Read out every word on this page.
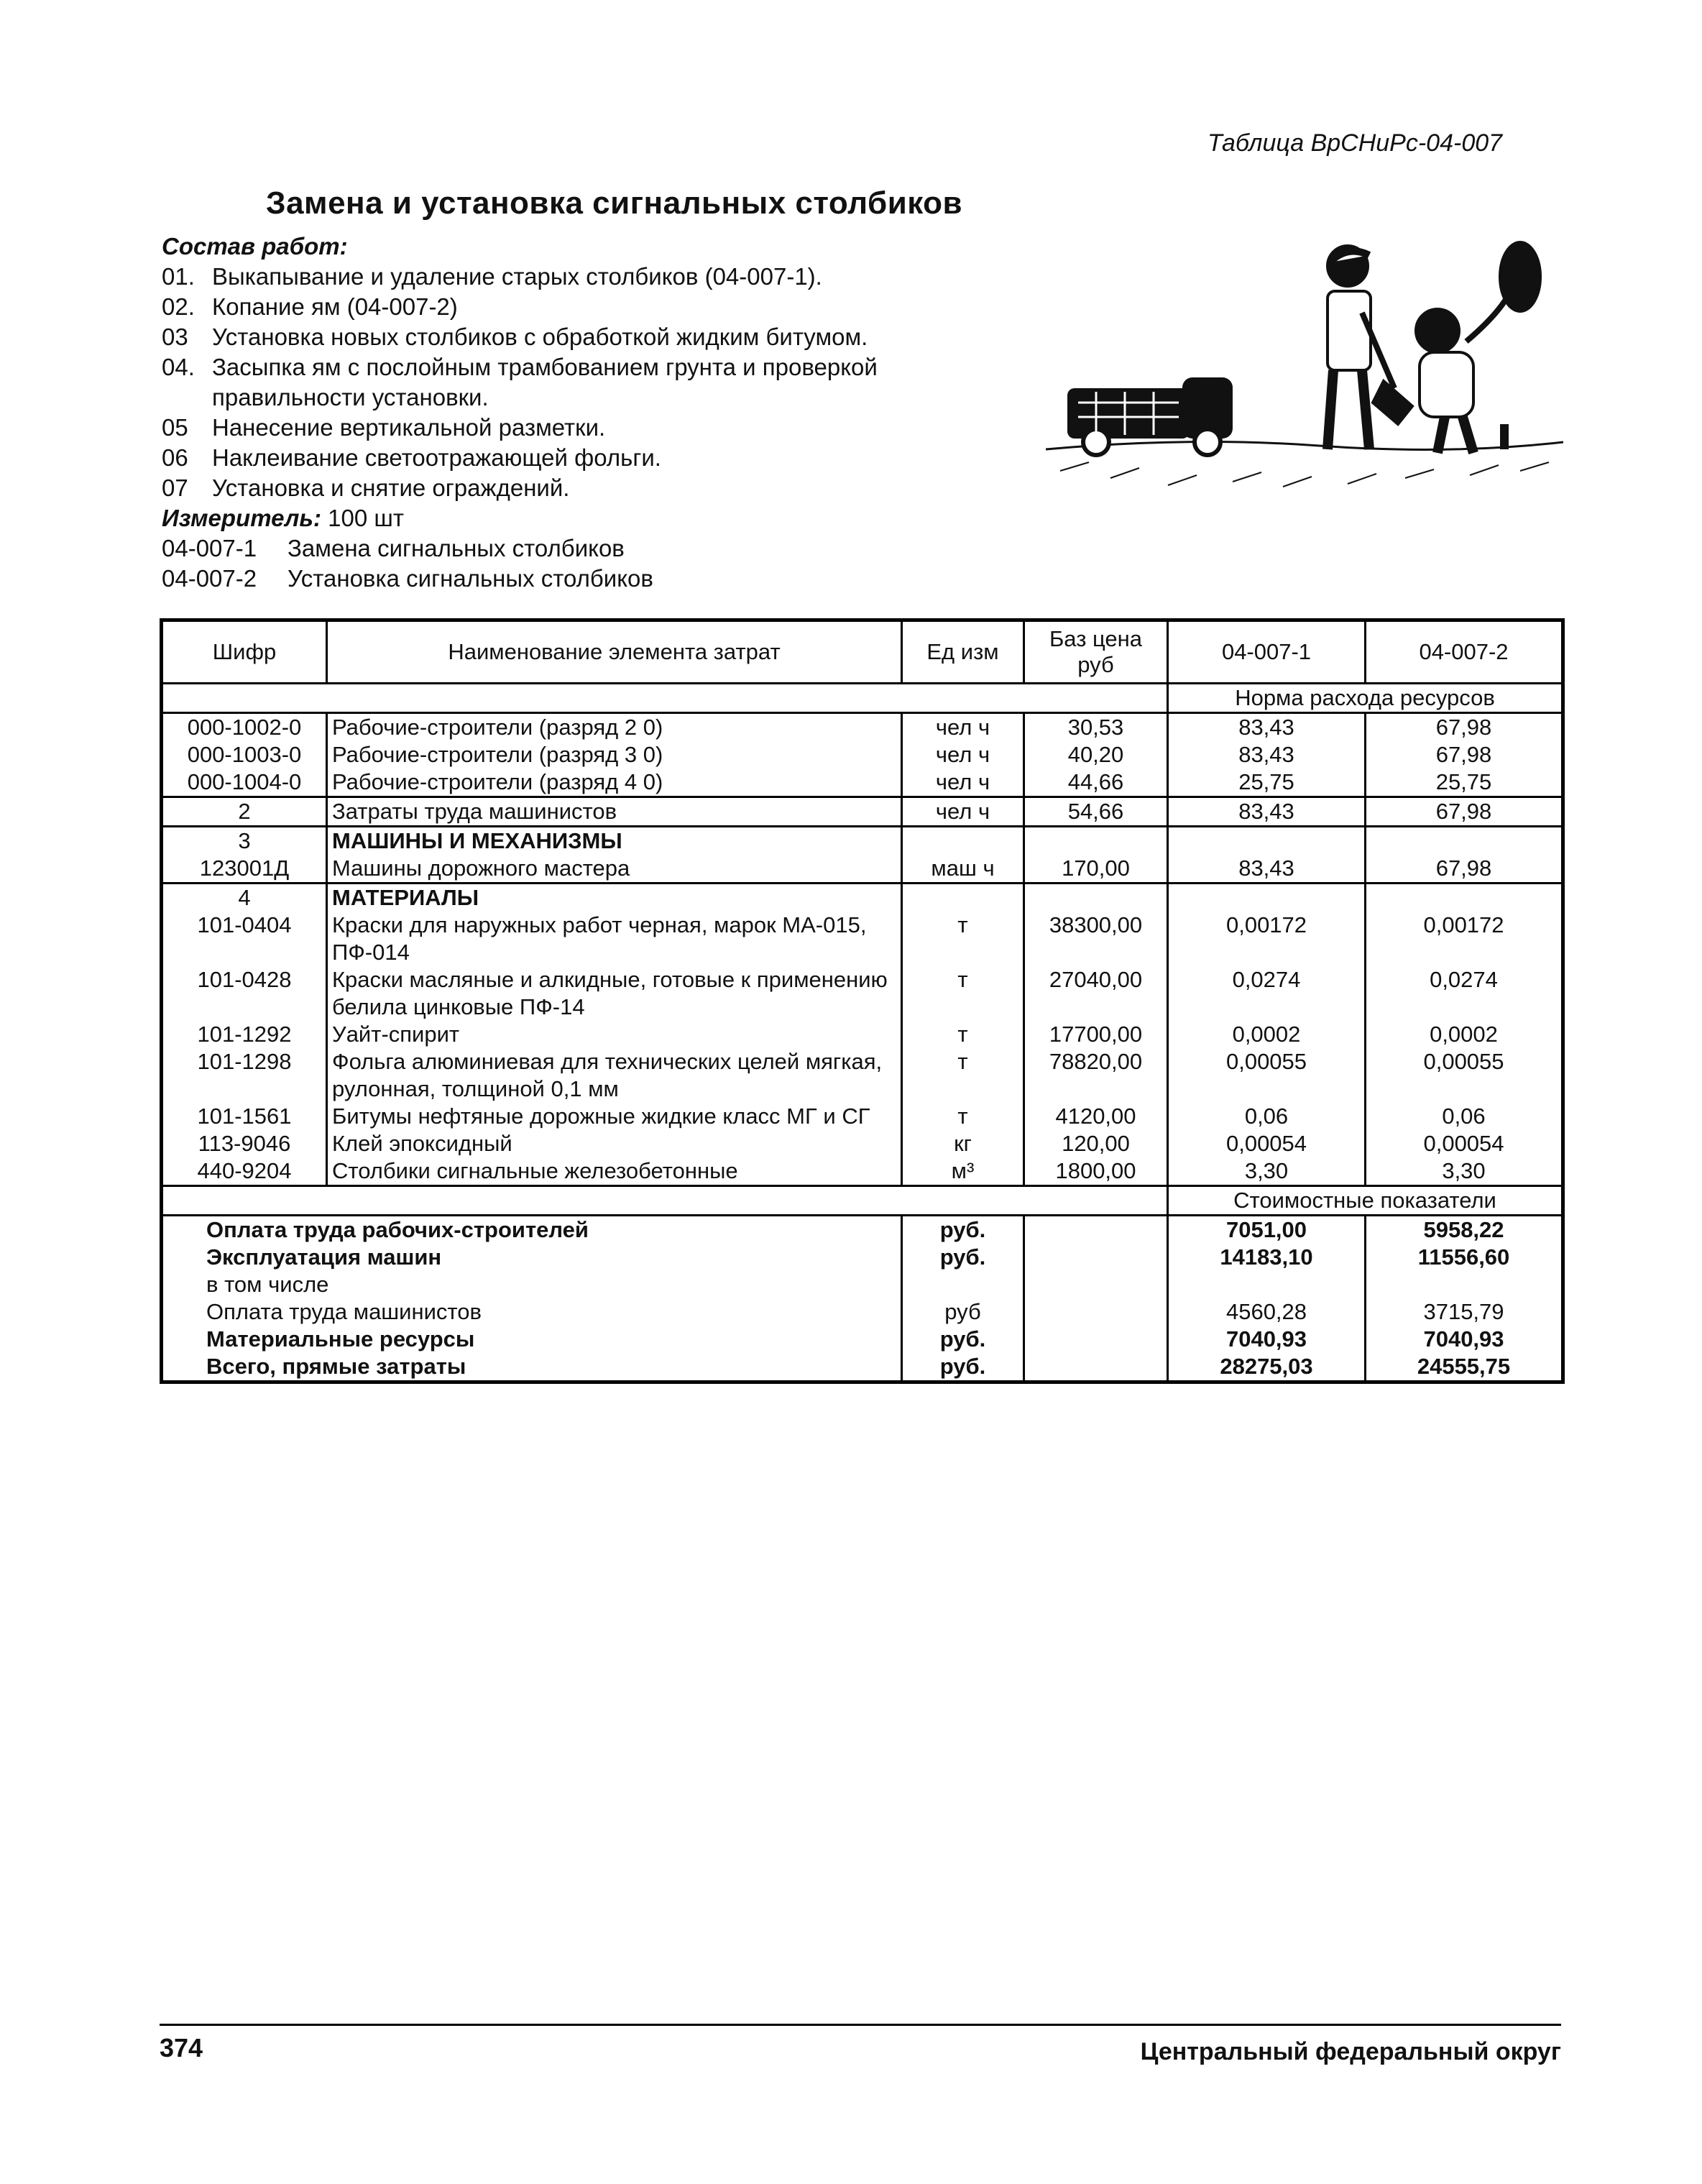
Таблица ВрСНиРс-04-007
Замена и установка сигнальных столбиков
Состав работ:
01. Выкапывание и удаление старых столбиков (04-007-1).
02. Копание ям (04-007-2)
03	Установка новых столбиков с обработкой жидким битумом.
04. Засыпка ям с послойным трамбованием грунта и проверкой правильности установки.
05	Нанесение вертикальной разметки.
06	Наклеивание светоотражающей фольги.
07	Установка и снятие ограждений.
Измеритель: 100 шт
04-007-1	Замена сигнальных столбиков
04-007-2	Установка сигнальных столбиков
Шифр	Наименование элемента затрат	Ед изм	Баз цена руб	04-007-1	04-007-2
				Норма расхода ресурсов	
000-1002-0	Рабочие-строители (разряд 2 0)	чел ч	30,53	83,43	67,98
000-1003-0	Рабочие-строители (разряд 3 0)	чел ч	40,20	83,43	67,98
000-1004-0	Рабочие-строители (разряд 4 0)	чел ч	44,66	25,75	25,75
2	Затраты труда машинистов	чел ч	54,66	83,43	67,98
3	МАШИНЫ И МЕХАНИЗМЫ				
123001Д	Машины дорожного мастера	маш ч	170,00	83,43	67,98
4	МАТЕРИАЛЫ				
101-0404	Краски для наружных работ черная, марок МА-015, ПФ-014	т	38300,00	0,00172	0,00172
101-0428	Краски масляные и алкидные, готовые к применению белила цинковые ПФ-14	т	27040,00	0,0274	0,0274
101-1292	Уайт-спирит	т	17700,00	0,0002	0,0002
101-1298	Фольга алюминиевая для технических целей мягкая, рулонная, толщиной 0,1 мм	т	78820,00	0,00055	0,00055
101-1561	Битумы нефтяные дорожные жидкие класс МГ и СГ	т	4120,00	0,06	0,06
113-9046	Клей эпоксидный	кг	120,00	0,00054	0,00054
440-9204	Столбики сигнальные железобетонные	м³	1800,00	3,30	3,30
				Стоимостные показатели	
Оплата труда рабочих-строителей		руб.		7051,00	5958,22
Эксплуатация машин		руб.		14183,10	11556,60
в том числе					
Оплата труда машинистов		руб		4560,28	3715,79
Материальные ресурсы		руб.		7040,93	7040,93
Всего, прямые затраты		руб.		28275,03	24555,75
374	Центральный федеральный округ
